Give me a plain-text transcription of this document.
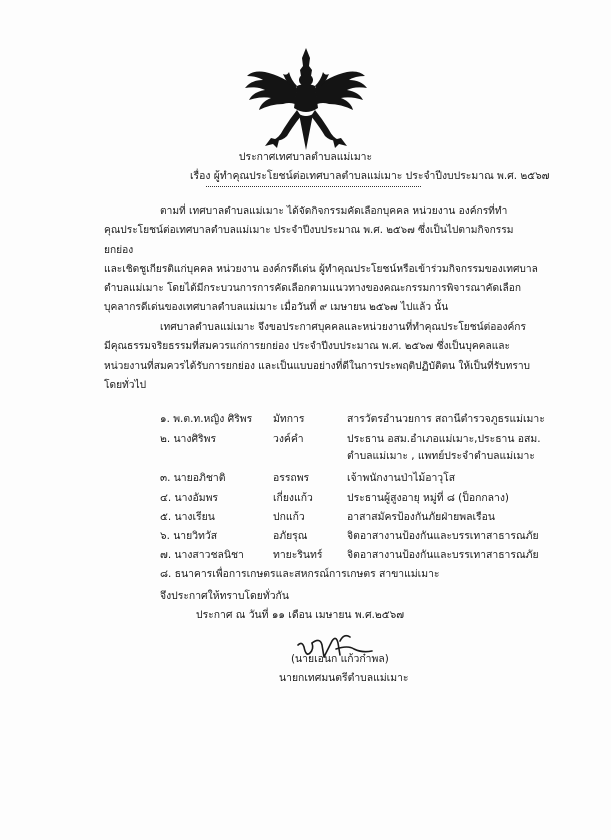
ประกาศเทศบาลตำบลแม่เมาะ
เรื่อง ผู้ทำคุณประโยชน์ต่อเทศบาลตำบลแม่เมาะ ประจำปีงบประมาณ พ.ศ. ๒๕๖๗

ตามที่ เทศบาลตำบลแม่เมาะ ได้จัดกิจกรรมคัดเลือกบุคคล หน่วยงาน องค์กรที่ทำ

คุณประโยชน์ต่อเทศบาลตำบลแม่เมาะ ประจำปีงบประมาณ พ.ศ. ๒๕๖๗ ซึ่งเป็นไปตามกิจกรรมยกย่อง

และเชิดชูเกียรติแก่บุคคล หน่วยงาน องค์กรดีเด่น ผู้ทำคุณประโยชน์หรือเข้าร่วมกิจกรรมของเทศบาล

ตำบลแม่เมาะ โดยได้มีกระบวนการการคัดเลือกตามแนวทางของคณะกรรมการพิจารณาคัดเลือก

บุคลากรดีเด่นของเทศบาลตำบลแม่เมาะ เมื่อวันที่ ๙ เมษายน ๒๕๖๗ ไปแล้ว นั้น

เทศบาลตำบลแม่เมาะ จึงขอประกาศบุคคลและหน่วยงานที่ทำคุณประโยชน์ต่อองค์กร

มีคุณธรรมจริยธรรมที่สมควรแก่การยกย่อง ประจำปีงบประมาณ พ.ศ. ๒๕๖๗ ซึ่งเป็นบุคคลและ

หน่วยงานที่สมควรได้รับการยกย่อง และเป็นแบบอย่างที่ดีในการประพฤติปฏิบัติตน ให้เป็นที่รับทราบ

โดยทั่วไป

๑. พ.ต.ท.หญิง ศิริพร มัทการ	สารวัตรอำนวยการ สถานีตำรวจภูธรแม่เมาะ
๒. นางศิริพร	วงค์คำ	ประธาน อสม.อำเภอแม่เมาะ,ประธาน อสม.
ตำบลแม่เมาะ , แพทย์ประจำตำบลแม่เมาะ
๓. นายอภิชาติ	อรรถพร	เจ้าพนักงานป่าไม้อาวุโส
๔. นางอัมพร	เกี่ยงแก้ว	ประธานผู้สูงอายุ หมู่ที่ ๘ (ป็อกกลาง)
๕. นางเรียน	ปกแก้ว	อาสาสมัครป้องกันภัยฝ่ายพลเรือน
๖. นายวิทวัส	อภัยรุณ	จิตอาสางานป้องกันและบรรเทาสาธารณภัย
๗. นางสาวชลนิชา	ทายะรินทร์ จิตอาสางานป้องกันและบรรเทาสาธารณภัย
๘. ธนาคารเพื่อการเกษตรและสหกรณ์การเกษตร สาขาแม่เมาะ
จึงประกาศให้ทราบโดยทั่วกัน
ประกาศ ณ วันที่ ๑๑ เดือน เมษายน พ.ศ.๒๕๖๗
(นายเอนก แก้วก๋าพล)
นายกเทศมนตรีตำบลแม่เมาะ
